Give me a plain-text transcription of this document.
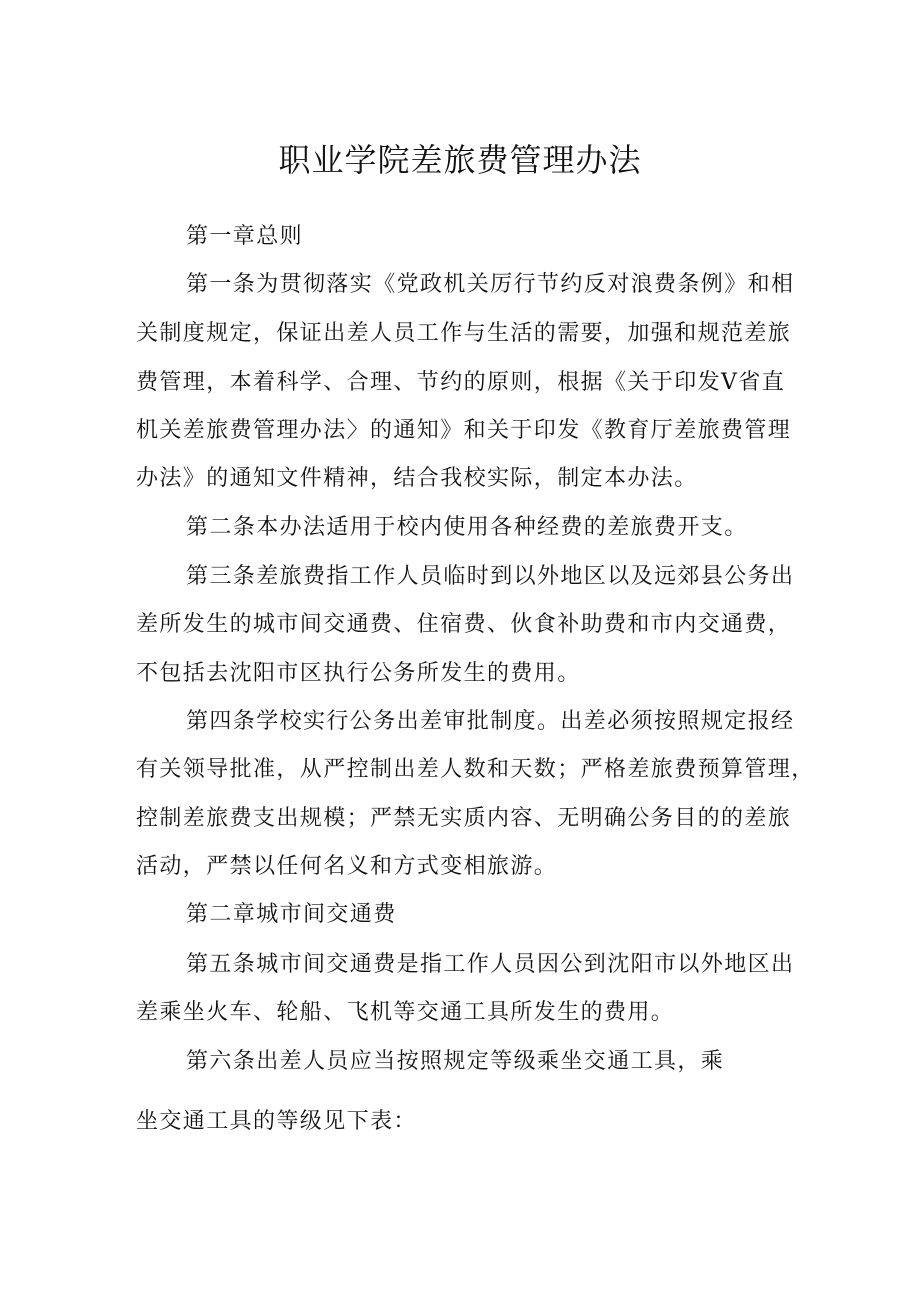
职业学院差旅费管理办法
第一章总则
第一条为贯彻落实《党政机关厉行节约反对浪费条例》和相
关制度规定，保证出差人员工作与生活的需要，加强和规范差旅
费管理，本着科学、合理、节约的原则，根据《关于印发V省直
机关差旅费管理办法〉的通知》和关于印发《教育厅差旅费管理
办法》的通知文件精神，结合我校实际，制定本办法。
第二条本办法适用于校内使用各种经费的差旅费开支。
第三条差旅费指工作人员临时到以外地区以及远郊县公务出
差所发生的城市间交通费、住宿费、伙食补助费和市内交通费，
不包括去沈阳市区执行公务所发生的费用。
第四条学校实行公务出差审批制度。出差必须按照规定报经
有关领导批准，从严控制出差人数和天数；严格差旅费预算管理，
控制差旅费支出规模；严禁无实质内容、无明确公务目的的差旅
活动，严禁以任何名义和方式变相旅游。
第二章城市间交通费
第五条城市间交通费是指工作人员因公到沈阳市以外地区出
差乘坐火车、轮船、飞机等交通工具所发生的费用。
第六条出差人员应当按照规定等级乘坐交通工具，乘
坐交通工具的等级见下表：
